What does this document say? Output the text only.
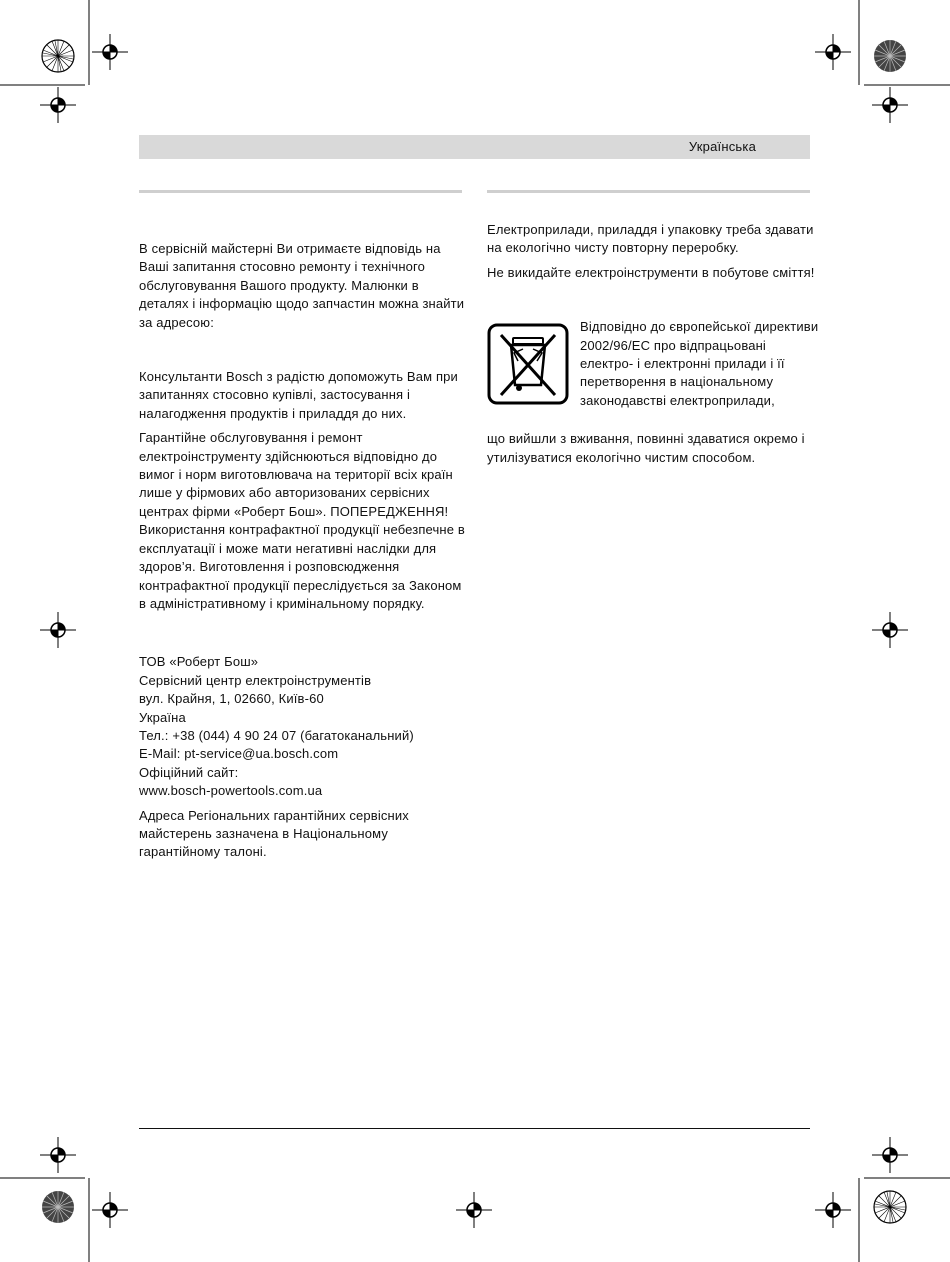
Українська

В сервісній майстерні Ви отримаєте відповідь на Ваші запитання стосовно ремонту і технічного обслуговування Вашого продукту. Малюнки в деталях і інформацію щодо запчастин можна знайти за адресою:

Консультанти Bosch з радістю допоможуть Вам при запитаннях стосовно купівлі, застосування і налагодження продуктів і приладдя до них.

Гарантійне обслуговування і ремонт електроінструменту здійснюються відповідно до вимог і норм виготовлювача на території всіх країн лише у фірмових або авторизованих сервісних центрах фірми «Роберт Бош». ПОПЕРЕДЖЕННЯ! Використання контрафактної продукції небезпечне в експлуатації і може мати негативні наслідки для здоров’я. Виготовлення і розповсюдження контрафактної продукції переслідується за Законом в адміністративному і кримінальному порядку.

ТОВ «Роберт Бош»

Сервісний центр електроінструментів

вул. Крайня, 1, 02660, Київ-60

Україна

Тел.: +38 (044) 4 90 24 07 (багатоканальний)

E-Mail: pt-service@ua.bosch.com

Офіційний сайт:

www.bosch-powertools.com.ua

Адреса Регіональних гарантійних сервісних майстерень зазначена в Національному гарантійному талоні.

Електроприлади, приладдя і упаковку треба здавати на екологічно чисту повторну переробку.

Не викидайте електроінструменти в побутове сміття!

Відповідно до європейської директиви 2002/96/EC про відпрацьовані електро- і електронні прилади і її перетворення в національному законодавстві електроприлади,

що вийшли з вживання, повинні здаватися окремо і утилізуватися екологічно чистим способом.
